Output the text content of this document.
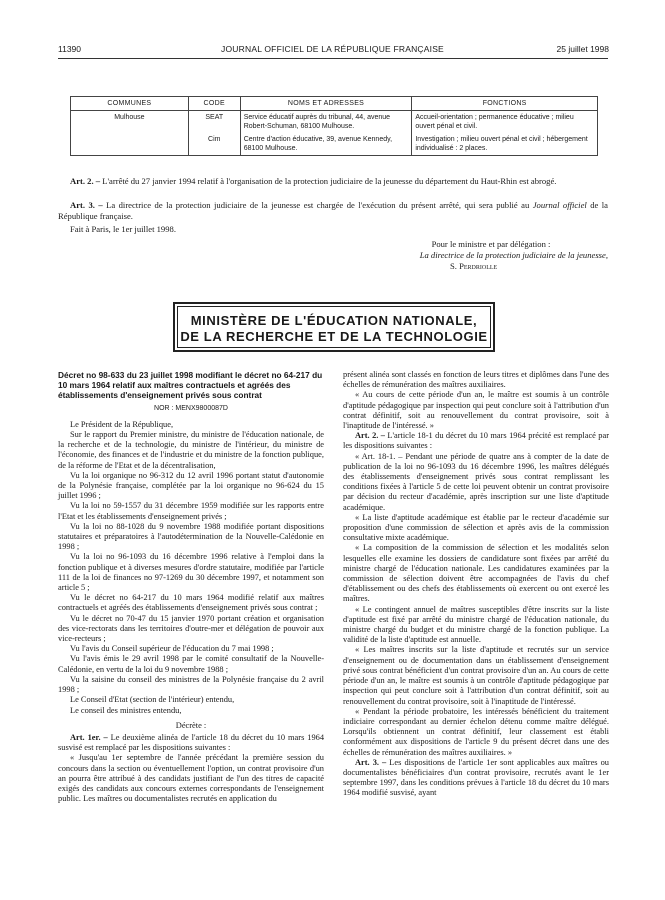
11390	JOURNAL OFFICIEL DE LA RÉPUBLIQUE FRANÇAISE	25 juillet 1998
COMMUNES	CODE	NOMS ET ADRESSES	FONCTIONS
Mulhouse	SEAT	Service éducatif auprès du tribunal, 44, avenue Robert-Schuman, 68100 Mulhouse.	Accueil-orientation ; permanence éducative ; milieu ouvert pénal et civil.
	Cim	Centre d'action éducative, 39, avenue Kennedy, 68100 Mulhouse.	Investigation ; milieu ouvert pénal et civil ; hébergement individualisé : 2 places.
Art. 2. – L'arrêté du 27 janvier 1994 relatif à l'organisation de la protection judiciaire de la jeunesse du département du Haut-Rhin est abrogé.
Art. 3. – La directrice de la protection judiciaire de la jeunesse est chargée de l'exécution du présent arrêté, qui sera publié au Journal officiel de la République française.
Fait à Paris, le 1er juillet 1998.
Pour le ministre et par délégation :
La directrice de la protection judiciaire de la jeunesse,
S. Perdriolle
MINISTÈRE DE L'ÉDUCATION NATIONALE,
DE LA RECHERCHE ET DE LA TECHNOLOGIE

Décret no 98-633 du 23 juillet 1998 modifiant le décret no 64-217 du 10 mars 1964 relatif aux maîtres contractuels et agréés des établissements d'enseignement privés sous contrat

NOR : MENX9800087D

Le Président de la République,

Sur le rapport du Premier ministre, du ministre de l'éducation nationale, de la recherche et de la technologie, du ministre de l'intérieur, du ministre de l'économie, des finances et de l'industrie et du ministre de la fonction publique, de la réforme de l'Etat et de la décentralisation,

Vu la loi organique no 96-312 du 12 avril 1996 portant statut d'autonomie de la Polynésie française, complétée par la loi organique no 96-624 du 15 juillet 1996 ;

Vu la loi no 59-1557 du 31 décembre 1959 modifiée sur les rapports entre l'Etat et les établissements d'enseignement privés ;

Vu la loi no 88-1028 du 9 novembre 1988 modifiée portant dispositions statutaires et préparatoires à l'autodétermination de la Nouvelle-Calédonie en 1998 ;

Vu la loi no 96-1093 du 16 décembre 1996 relative à l'emploi dans la fonction publique et à diverses mesures d'ordre statutaire, modifiée par l'article 111 de la loi de finances no 97-1269 du 30 décembre 1997, et notamment son article 5 ;

Vu le décret no 64-217 du 10 mars 1964 modifié relatif aux maîtres contractuels et agréés des établissements d'enseignement privés sous contrat ;

Vu le décret no 70-47 du 15 janvier 1970 portant création et organisation des vice-rectorats dans les territoires d'outre-mer et délégation de pouvoir aux vice-recteurs ;

Vu l'avis du Conseil supérieur de l'éducation du 7 mai 1998 ;

Vu l'avis émis le 29 avril 1998 par le comité consultatif de la Nouvelle-Calédonie, en vertu de la loi du 9 novembre 1988 ;

Vu la saisine du conseil des ministres de la Polynésie française du 2 avril 1998 ;

Le Conseil d'Etat (section de l'intérieur) entendu,

Le conseil des ministres entendu,

Décrète :

Art. 1er. – Le deuxième alinéa de l'article 18 du décret du 10 mars 1964 susvisé est remplacé par les dispositions suivantes :

« Jusqu'au 1er septembre de l'année précédant la première session du concours dans la section ou éventuellement l'option, un contrat provisoire d'un an pourra être attribué à des candidats justifiant de l'un des titres de capacité exigés des candidats aux concours externes correspondants de l'enseignement public. Les maîtres ou documentalistes recrutés en application du

présent alinéa sont classés en fonction de leurs titres et diplômes dans l'une des échelles de rémunération des maîtres auxiliaires.

« Au cours de cette période d'un an, le maître est soumis à un contrôle d'aptitude pédagogique par inspection qui peut conclure soit à l'attribution d'un contrat définitif, soit au renouvellement du contrat provisoire, soit à l'inaptitude de l'intéressé. »

Art. 2. – L'article 18-1 du décret du 10 mars 1964 précité est remplacé par les dispositions suivantes :

« Art. 18-1. – Pendant une période de quatre ans à compter de la date de publication de la loi no 96-1093 du 16 décembre 1996, les maîtres délégués des établissements d'enseignement privés sous contrat remplissant les conditions fixées à l'article 5 de cette loi peuvent obtenir un contrat provisoire par décision du recteur d'académie, après inscription sur une liste d'aptitude académique.

« La liste d'aptitude académique est établie par le recteur d'académie sur proposition d'une commission de sélection et après avis de la commission consultative mixte académique.

« La composition de la commission de sélection et les modalités selon lesquelles elle examine les dossiers de candidature sont fixées par arrêté du ministre chargé de l'éducation nationale. Les candidatures examinées par la commission de sélection doivent être accompagnées de l'avis du chef d'établissement ou des chefs des établissements où exercent ou ont exercé les maîtres.

« Le contingent annuel de maîtres susceptibles d'être inscrits sur la liste d'aptitude est fixé par arrêté du ministre chargé de l'éducation nationale, du ministre chargé du budget et du ministre chargé de la fonction publique. La validité de la liste d'aptitude est annuelle.

« Les maîtres inscrits sur la liste d'aptitude et recrutés sur un service d'enseignement ou de documentation dans un établissement d'enseignement privé sous contrat bénéficient d'un contrat provisoire d'un an. Au cours de cette période d'un an, le maître est soumis à un contrôle d'aptitude pédagogique par inspection qui peut conclure soit à l'attribution d'un contrat définitif, soit au renouvellement du contrat provisoire, soit à l'inaptitude de l'intéressé.

« Pendant la période probatoire, les intéressés bénéficient du traitement indiciaire correspondant au dernier échelon détenu comme maître délégué. Lorsqu'ils obtiennent un contrat définitif, leur classement est établi conformément aux dispositions de l'article 9 du présent décret dans une des échelles de rémunération des maîtres auxiliaires. »

Art. 3. – Les dispositions de l'article 1er sont applicables aux maîtres ou documentalistes bénéficiaires d'un contrat provisoire, recrutés avant le 1er septembre 1997, dans les conditions prévues à l'article 18 du décret du 10 mars 1964 modifié susvisé, ayant
